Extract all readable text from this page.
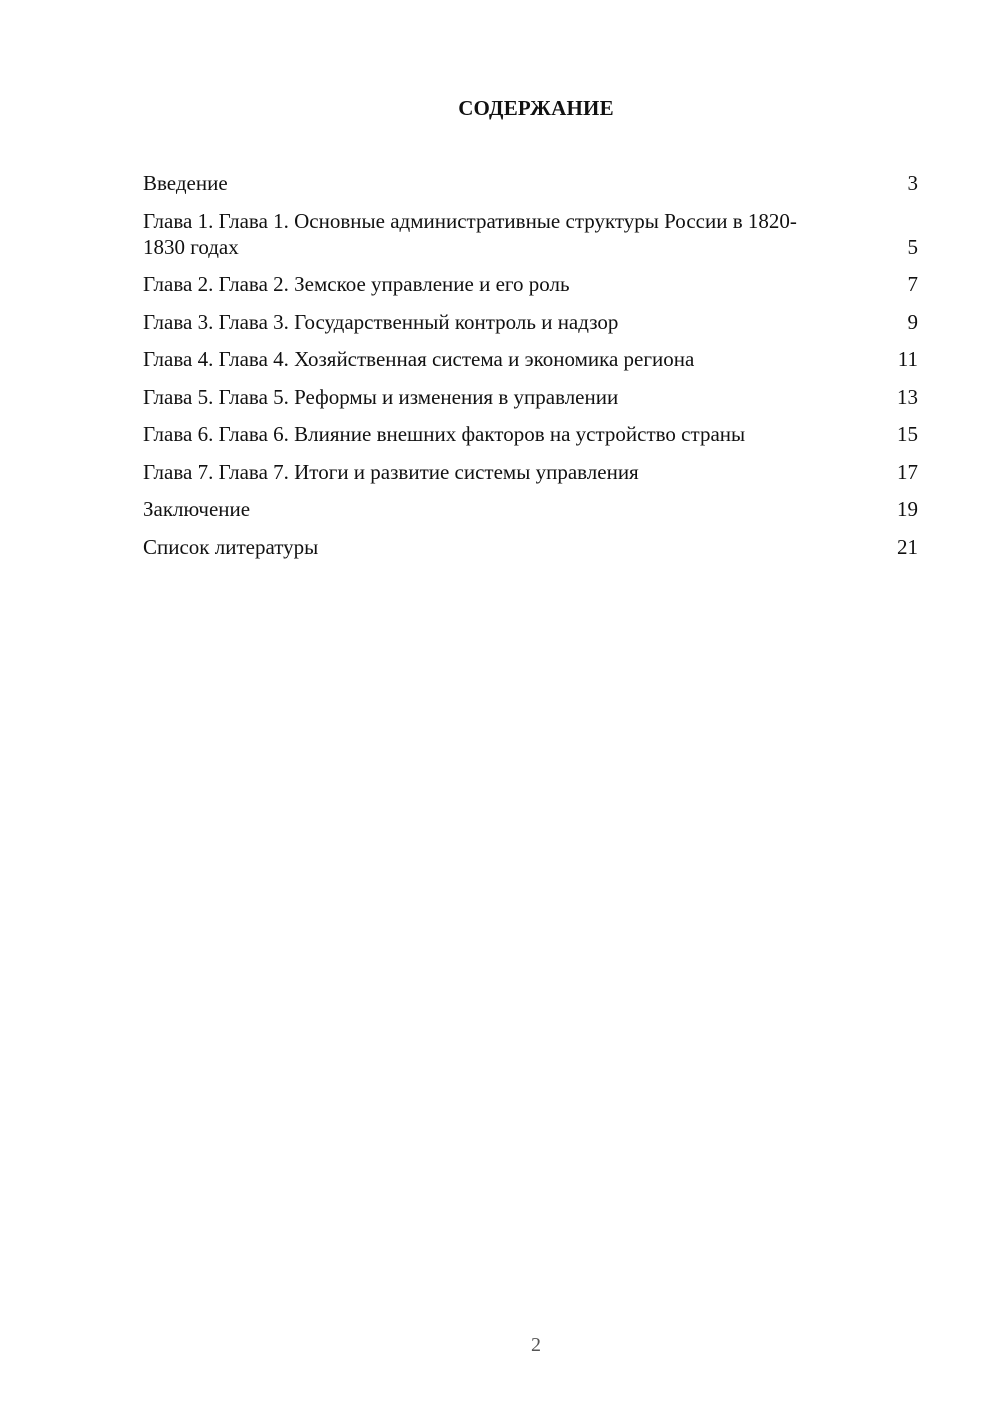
СОДЕРЖАНИЕ
Введение	3
Глава 1. Глава 1. Основные административные структуры России в 1820-1830 годах	5
Глава 2. Глава 2. Земское управление и его роль	7
Глава 3. Глава 3. Государственный контроль и надзор	9
Глава 4. Глава 4. Хозяйственная система и экономика региона	11
Глава 5. Глава 5. Реформы и изменения в управлении	13
Глава 6. Глава 6. Влияние внешних факторов на устройство страны	15
Глава 7. Глава 7. Итоги и развитие системы управления	17
Заключение	19
Список литературы	21
2
